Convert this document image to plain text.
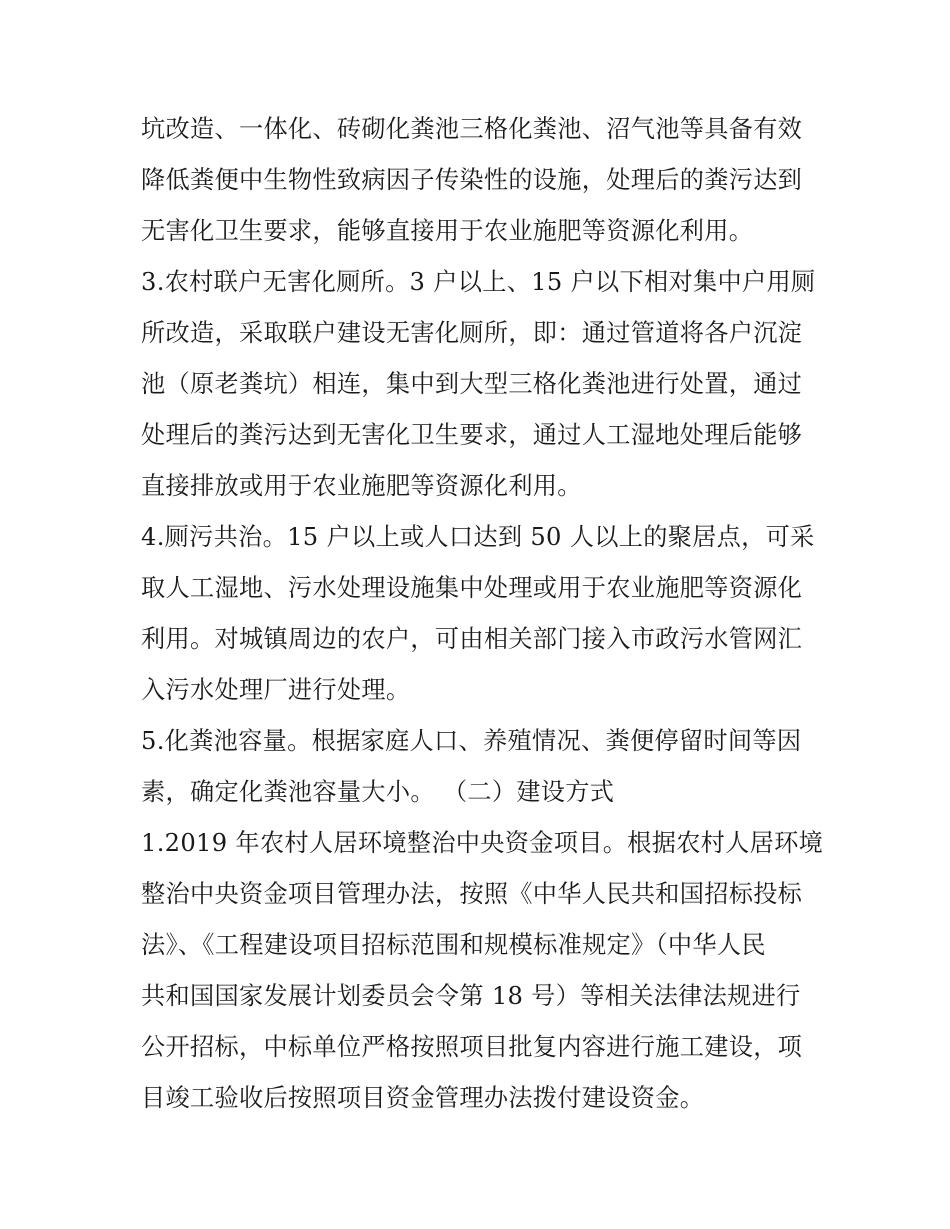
坑改造、一体化、砖砌化粪池三格化粪池、沼气池等具备有效
降低粪便中生物性致病因子传染性的设施，处理后的粪污达到
无害化卫生要求，能够直接用于农业施肥等资源化利用。
3.农村联户无害化厕所。3 户以上、15 户以下相对集中户用厕
所改造，采取联户建设无害化厕所，即：通过管道将各户沉淀
池（原老粪坑）相连，集中到大型三格化粪池进行处置，通过
处理后的粪污达到无害化卫生要求，通过人工湿地处理后能够
直接排放或用于农业施肥等资源化利用。
4.厕污共治。15 户以上或人口达到 50 人以上的聚居点，可采
取人工湿地、污水处理设施集中处理或用于农业施肥等资源化
利用。对城镇周边的农户，可由相关部门接入市政污水管网汇
入污水处理厂进行处理。
5.化粪池容量。根据家庭人口、养殖情况、粪便停留时间等因
素，确定化粪池容量大小。 （二）建设方式
1.2019 年农村人居环境整治中央资金项目。根据农村人居环境
整治中央资金项目管理办法，按照《中华人民共和国招标投标
法》、《工程建设项目招标范围和规模标准规定》（中华人民
共和国国家发展计划委员会令第 18 号）等相关法律法规进行
公开招标，中标单位严格按照项目批复内容进行施工建设，项
目竣工验收后按照项目资金管理办法拨付建设资金。
